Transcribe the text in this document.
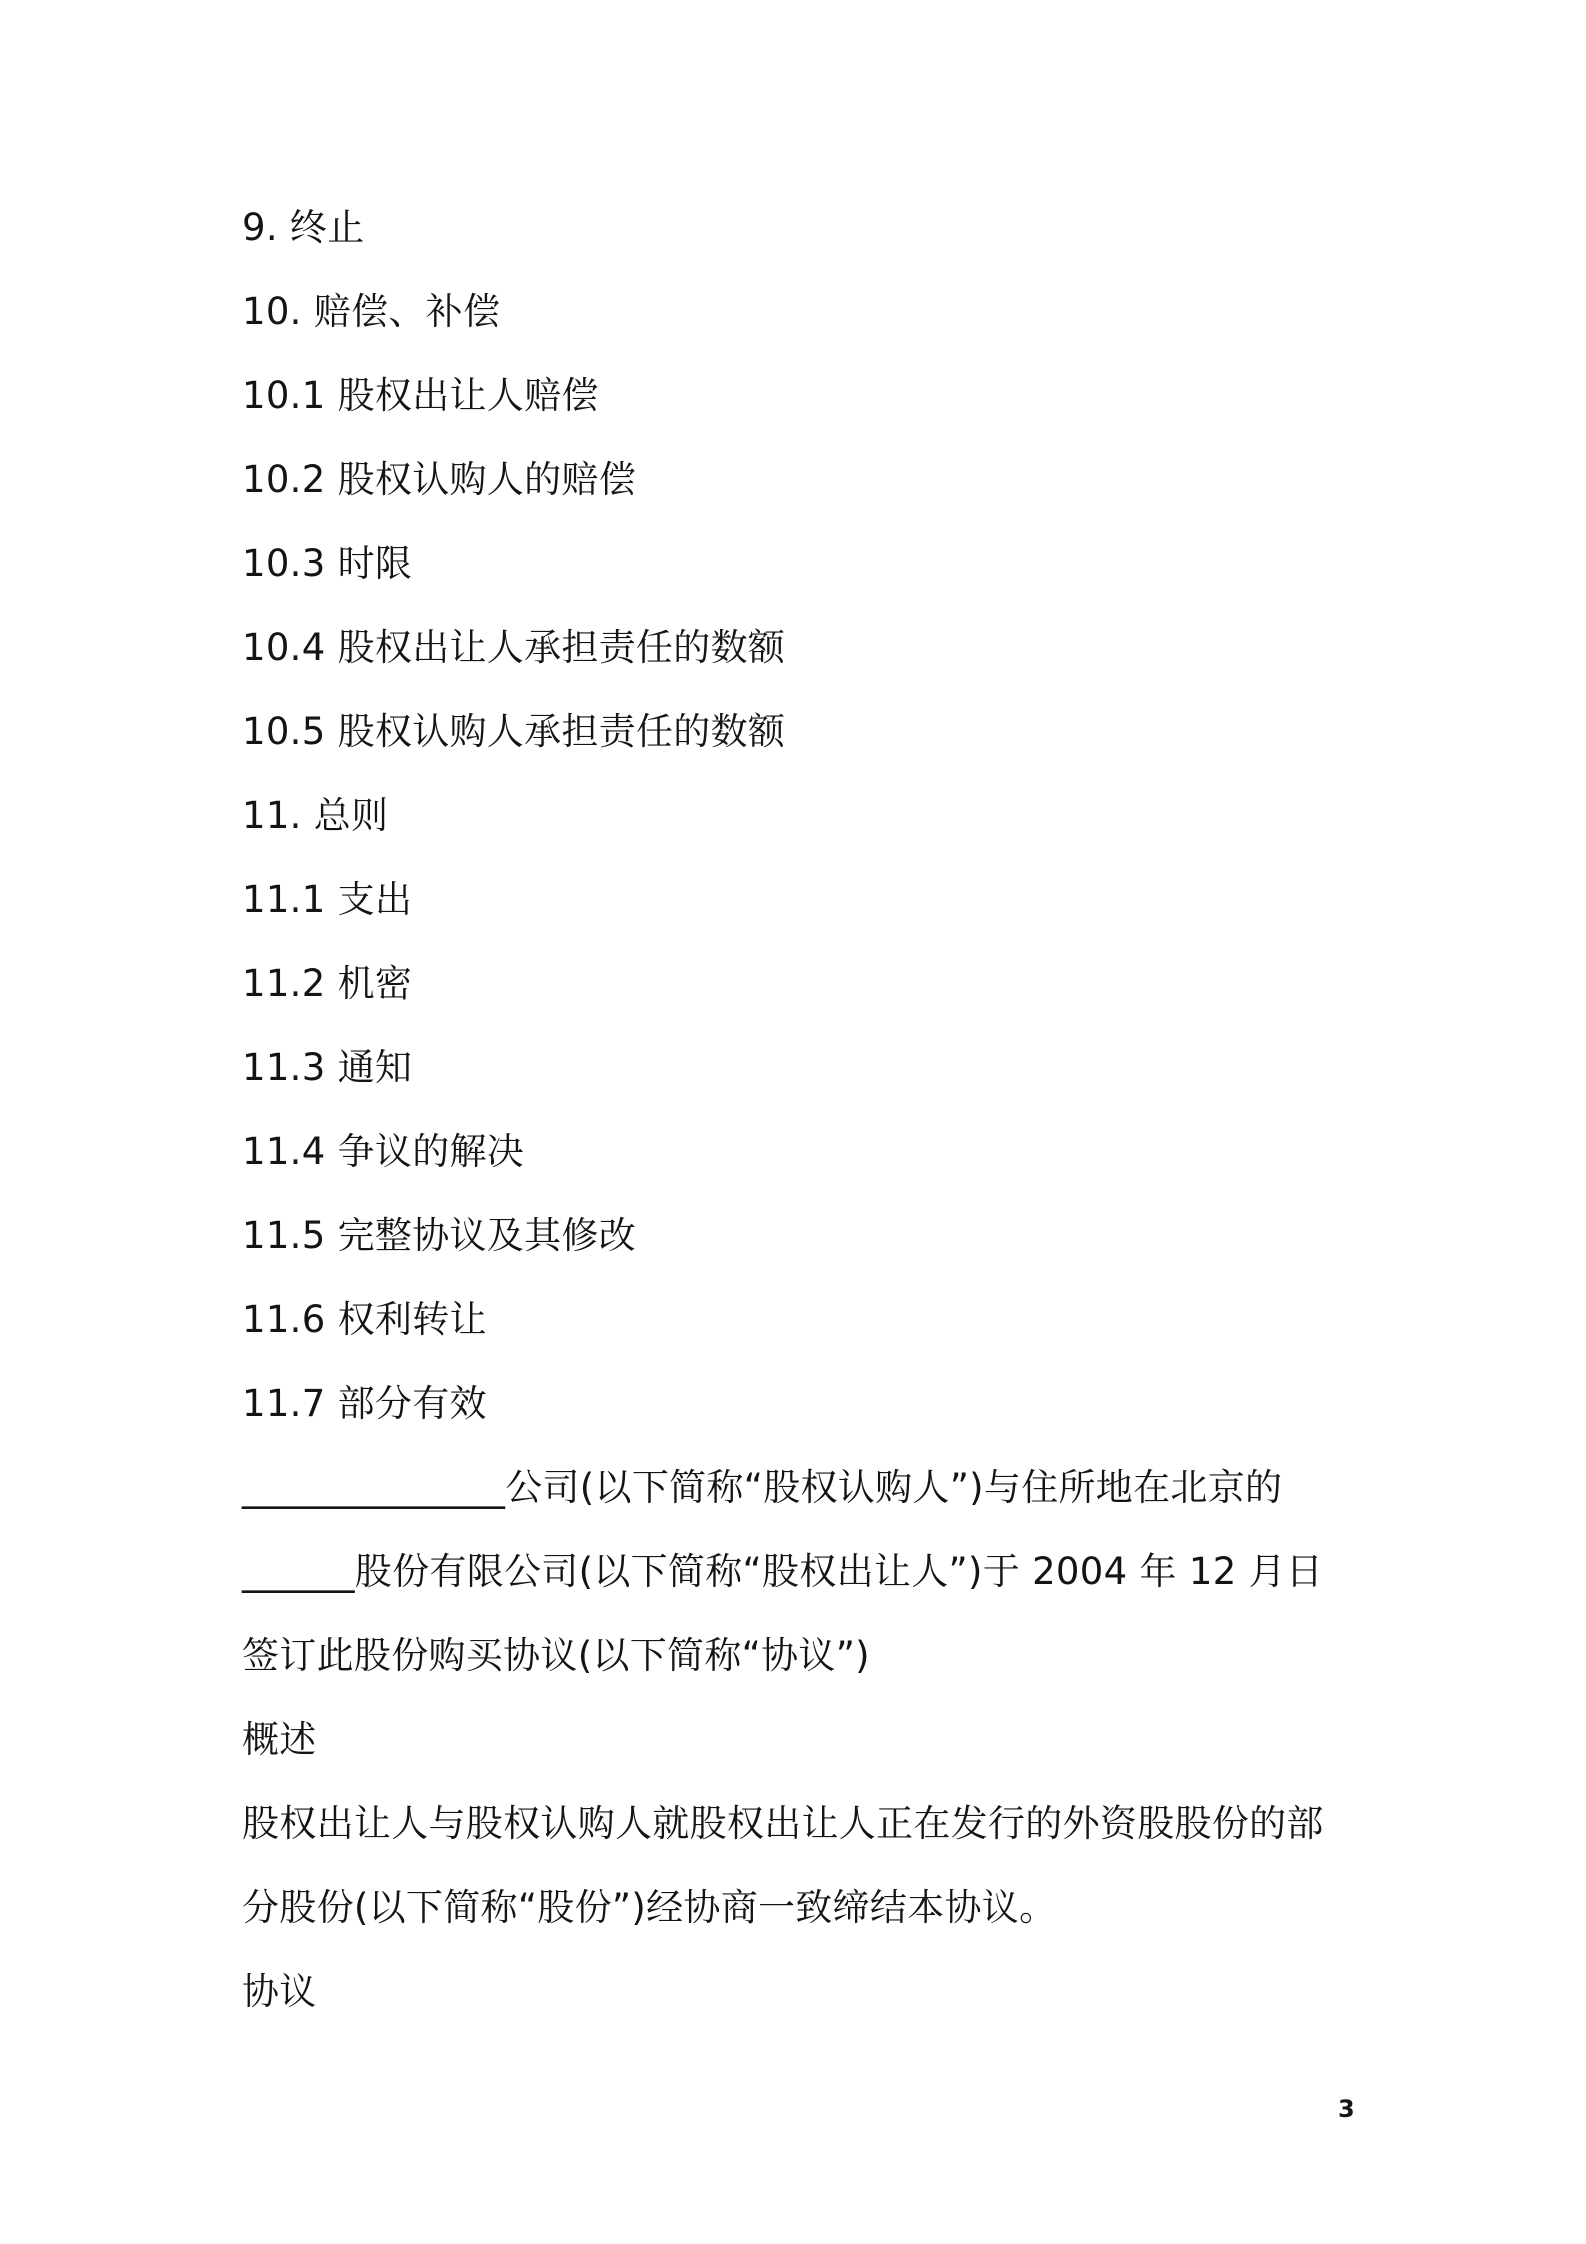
9. 终止
10. 赔偿、补偿
10.1 股权出让人赔偿
10.2 股权认购人的赔偿
10.3 时限
10.4 股权出让人承担责任的数额
10.5 股权认购人承担责任的数额
11. 总则
11.1 支出
11.2 机密
11.3 通知
11.4 争议的解决
11.5 完整协议及其修改
11.6 权利转让
11.7 部分有效
______________公司(以下简称“股权认购人”)与住所地在北京的
______股份有限公司(以下简称“股权出让人”)于 2004 年 12 月日
签订此股份购买协议(以下简称“协议”)
概述
股权出让人与股权认购人就股权出让人正在发行的外资股股份的部
分股份(以下简称“股份”)经协商一致缔结本协议。
协议
3
